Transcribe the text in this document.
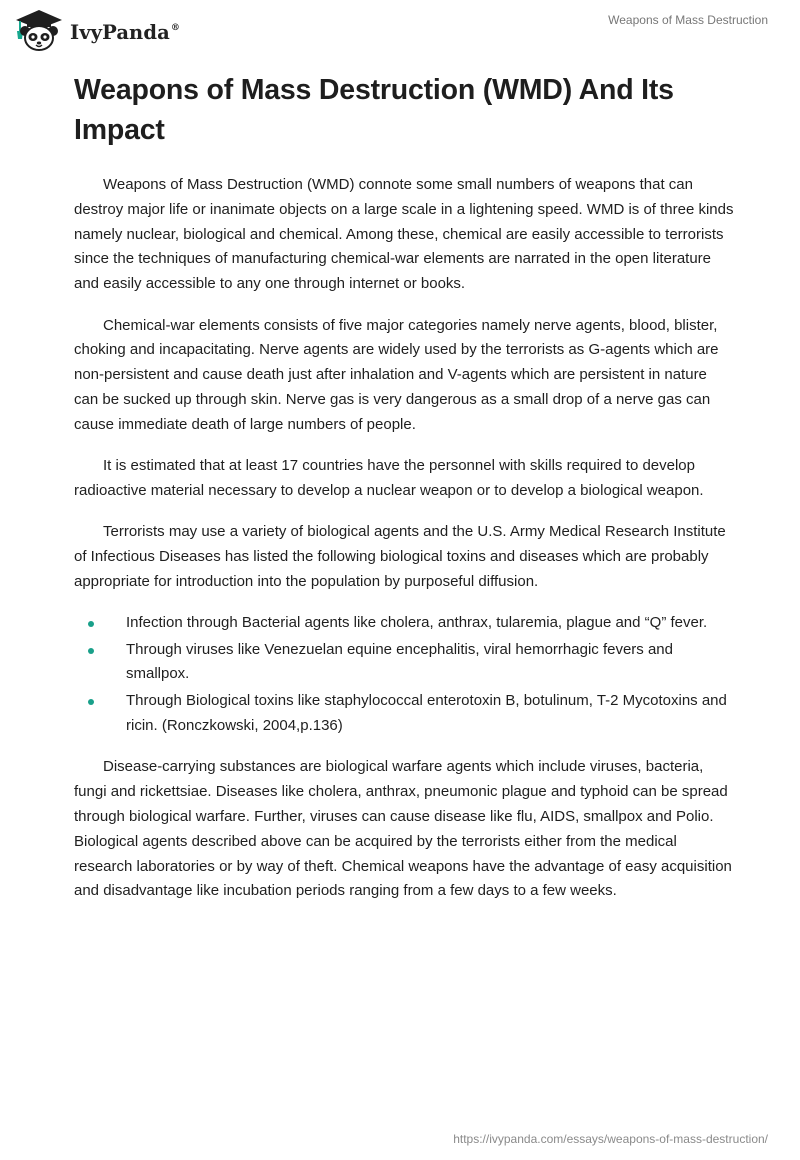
IvyPanda®
Weapons of Mass Destruction
Weapons of Mass Destruction (WMD) And Its Impact

Weapons of Mass Destruction (WMD) connote some small numbers of weapons that can destroy major life or inanimate objects on a large scale in a lightening speed. WMD is of three kinds namely nuclear, biological and chemical. Among these, chemical are easily accessible to terrorists since the techniques of manufacturing chemical-war elements are narrated in the open literature and easily accessible to any one through internet or books.

Chemical-war elements consists of five major categories namely nerve agents, blood, blister, choking and incapacitating. Nerve agents are widely used by the terrorists as G-agents which are non-persistent and cause death just after inhalation and V-agents which are persistent in nature can be sucked up through skin. Nerve gas is very dangerous as a small drop of a nerve gas can cause immediate death of large numbers of people.

It is estimated that at least 17 countries have the personnel with skills required to develop radioactive material necessary to develop a nuclear weapon or to develop a biological weapon.

Terrorists may use a variety of biological agents and the U.S. Army Medical Research Institute of Infectious Diseases has listed the following biological toxins and diseases which are probably appropriate for introduction into the population by purposeful diffusion.

Infection through Bacterial agents like cholera, anthrax, tularemia, plague and “Q” fever.
Through viruses like Venezuelan equine encephalitis, viral hemorrhagic fevers and smallpox.
Through Biological toxins like staphylococcal enterotoxin B, botulinum, T-2 Mycotoxins and ricin. (Ronczkowski, 2004,p.136)

Disease-carrying substances are biological warfare agents which include viruses, bacteria, fungi and rickettsiae. Diseases like cholera, anthrax, pneumonic plague and typhoid can be spread through biological warfare. Further, viruses can cause disease like flu, AIDS, smallpox and Polio. Biological agents described above can be acquired by the terrorists either from the medical research laboratories or by way of theft. Chemical weapons have the advantage of easy acquisition and disadvantage like incubation periods ranging from a few days to a few weeks.

https://ivypanda.com/essays/weapons-of-mass-destruction/
